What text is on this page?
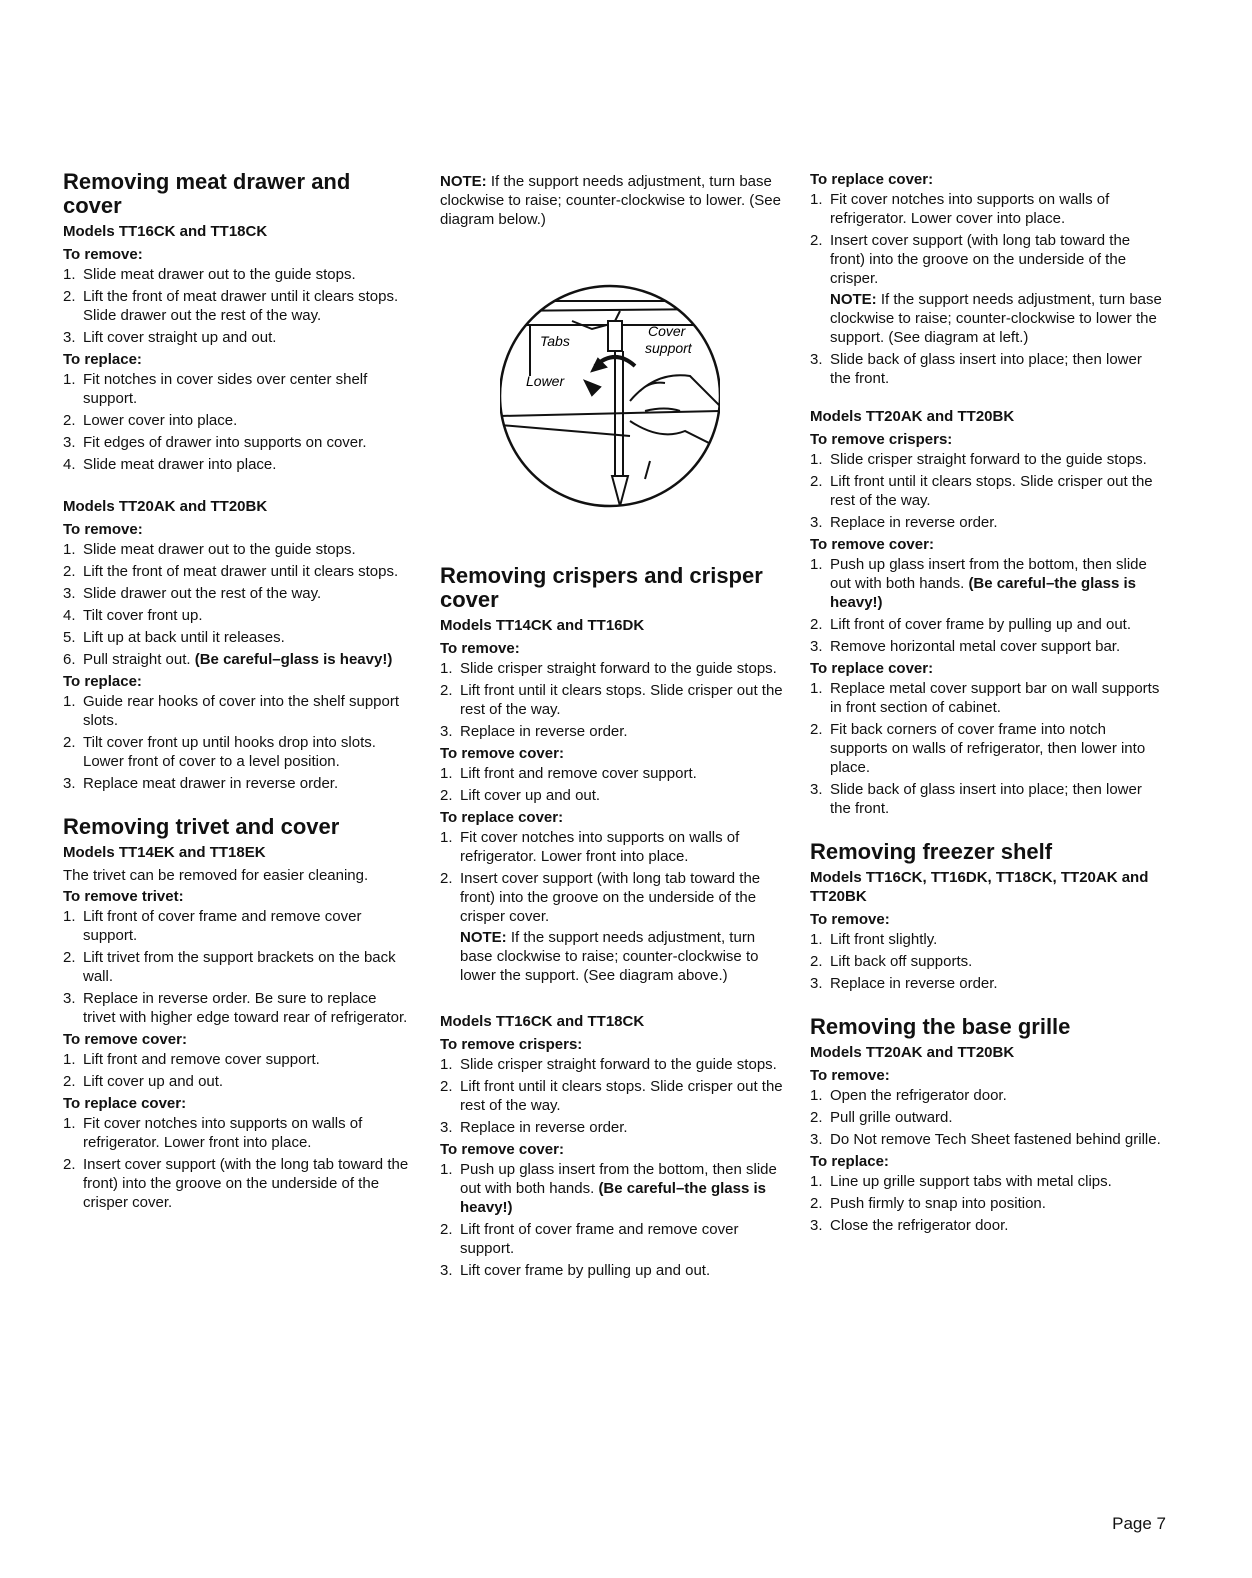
Removing meat drawer and cover
Models TT16CK and TT18CK
To remove:
1. Slide meat drawer out to the guide stops.
2. Lift the front of meat drawer until it clears stops. Slide drawer out the rest of the way.
3. Lift cover straight up and out.
To replace:
1. Fit notches in cover sides over center shelf support.
2. Lower cover into place.
3. Fit edges of drawer into supports on cover.
4. Slide meat drawer into place.
Models TT20AK and TT20BK
To remove:
1. Slide meat drawer out to the guide stops.
2. Lift the front of meat drawer until it clears stops.
3. Slide drawer out the rest of the way.
4. Tilt cover front up.
5. Lift up at back until it releases.
6. Pull straight out. (Be careful–glass is heavy!)
To replace:
1. Guide rear hooks of cover into the shelf support slots.
2. Tilt cover front up until hooks drop into slots. Lower front of cover to a level position.
3. Replace meat drawer in reverse order.
Removing trivet and cover
Models TT14EK and TT18EK

The trivet can be removed for easier cleaning.

To remove trivet:
1. Lift front of cover frame and remove cover support.
2. Lift trivet from the support brackets on the back wall.
3. Replace in reverse order. Be sure to replace trivet with higher edge toward rear of refrigerator.
To remove cover:
1. Lift front and remove cover support.
2. Lift cover up and out.
To replace cover:
1. Fit cover notches into supports on walls of refrigerator. Lower front into place.
2. Insert cover support (with the long tab toward the front) into the groove on the underside of the crisper cover.

NOTE: If the support needs adjustment, turn base clockwise to raise; counter-clockwise to lower. (See diagram below.)

Tabs
Cover
support
Lower
Removing crispers and crisper cover
Models TT14CK and TT16DK
To remove:
1. Slide crisper straight forward to the guide stops.
2. Lift front until it clears stops. Slide crisper out the rest of the way.
3. Replace in reverse order.
To remove cover:
1. Lift front and remove cover support.
2. Lift cover up and out.
To replace cover:
1. Fit cover notches into supports on walls of refrigerator. Lower front into place.
2. Insert cover support (with long tab toward the front) into the groove on the underside of the crisper cover.

NOTE: If the support needs adjustment, turn base clockwise to raise; counter-clockwise to lower the support. (See diagram above.)

Models TT16CK and TT18CK
To remove crispers:
1. Slide crisper straight forward to the guide stops.
2. Lift front until it clears stops. Slide crisper out the rest of the way.
3. Replace in reverse order.
To remove cover:
1. Push up glass insert from the bottom, then slide out with both hands. (Be careful–the glass is heavy!)
2. Lift front of cover frame and remove cover support.
3. Lift cover frame by pulling up and out.
To replace cover:
1. Fit cover notches into supports on walls of refrigerator. Lower cover into place.
2. Insert cover support (with long tab toward the front) into the groove on the underside of the crisper.

NOTE: If the support needs adjustment, turn base clockwise to raise; counter-clockwise to lower the support. (See diagram at left.)

3. Slide back of glass insert into place; then lower the front.
Models TT20AK and TT20BK
To remove crispers:
1. Slide crisper straight forward to the guide stops.
2. Lift front until it clears stops. Slide crisper out the rest of the way.
3. Replace in reverse order.
To remove cover:
1. Push up glass insert from the bottom, then slide out with both hands. (Be careful–the glass is heavy!)
2. Lift front of cover frame by pulling up and out.
3. Remove horizontal metal cover support bar.
To replace cover:
1. Replace metal cover support bar on wall supports in front section of cabinet.
2. Fit back corners of cover frame into notch supports on walls of refrigerator, then lower into place.
3. Slide back of glass insert into place; then lower the front.
Removing freezer shelf
Models TT16CK, TT16DK, TT18CK, TT20AK and TT20BK
To remove:
1. Lift front slightly.
2. Lift back off supports.
3. Replace in reverse order.
Removing the base grille
Models TT20AK and TT20BK
To remove:
1. Open the refrigerator door.
2. Pull grille outward.
3. Do Not remove Tech Sheet fastened behind grille.
To replace:
1. Line up grille support tabs with metal clips.
2. Push firmly to snap into position.
3. Close the refrigerator door.
Page 7
